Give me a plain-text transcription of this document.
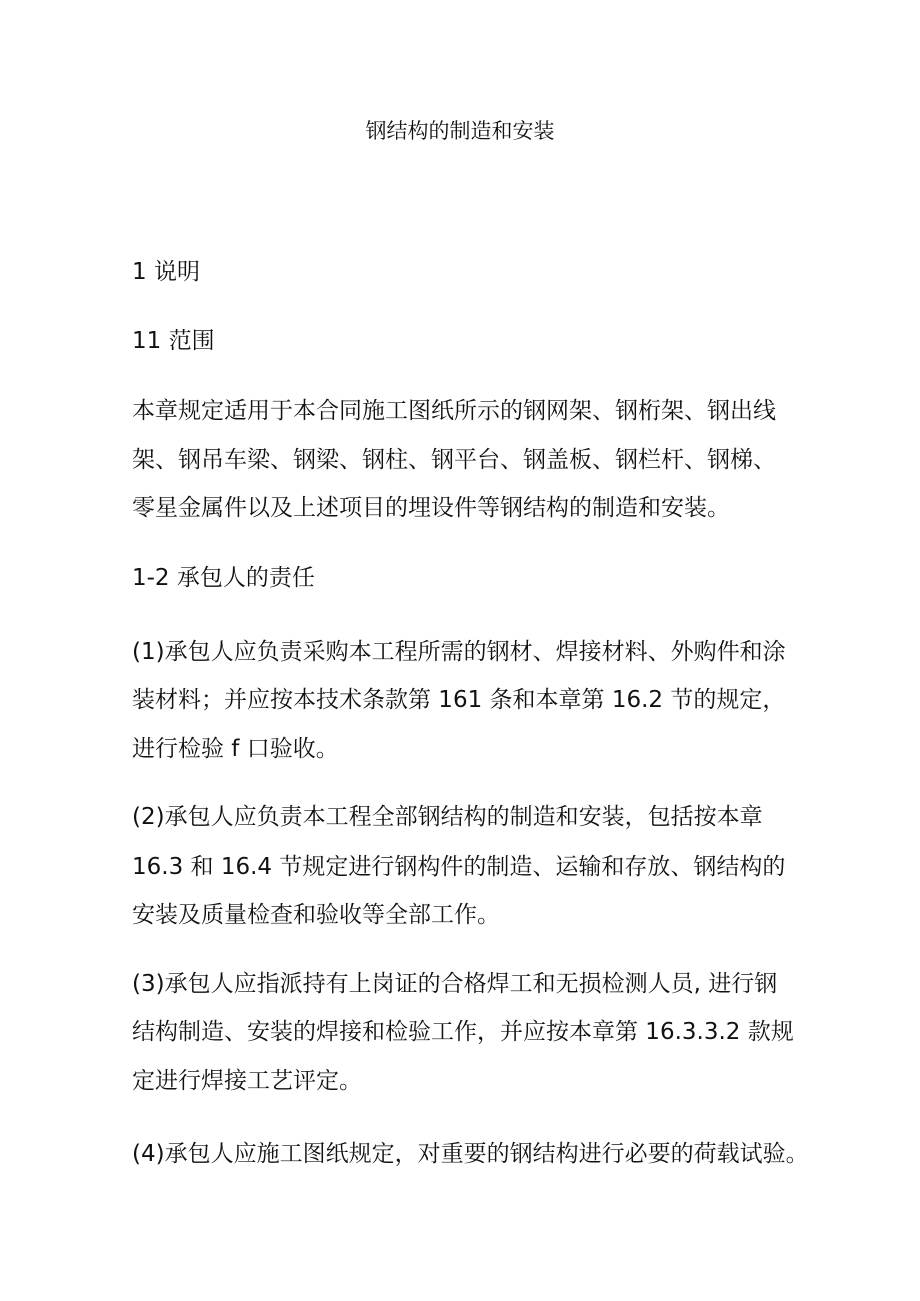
钢结构的制造和安装
1 说明
11 范围
本章规定适用于本合同施工图纸所示的钢网架、钢桁架、钢出线
架、钢吊车梁、钢梁、钢柱、钢平台、钢盖板、钢栏杆、钢梯、
零星金属件以及上述项目的埋设件等钢结构的制造和安装。
1-2 承包人的责任
(1)承包人应负责采购本工程所需的钢材、焊接材料、外购件和涂
装材料；并应按本技术条款第 161 条和本章第 16.2 节的规定，
进行检验 f 口验收。
(2)承包人应负责本工程全部钢结构的制造和安装，包括按本章
16.3 和 16.4 节规定进行钢构件的制造、运输和存放、钢结构的
安装及质量检查和验收等全部工作。
(3)承包人应指派持有上岗证的合格焊工和无损检测人员, 进行钢
结构制造、安装的焊接和检验工作，并应按本章第 16.3.3.2 款规
定进行焊接工艺评定。
(4)承包人应施工图纸规定，对重要的钢结构进行必要的荷载试验。
